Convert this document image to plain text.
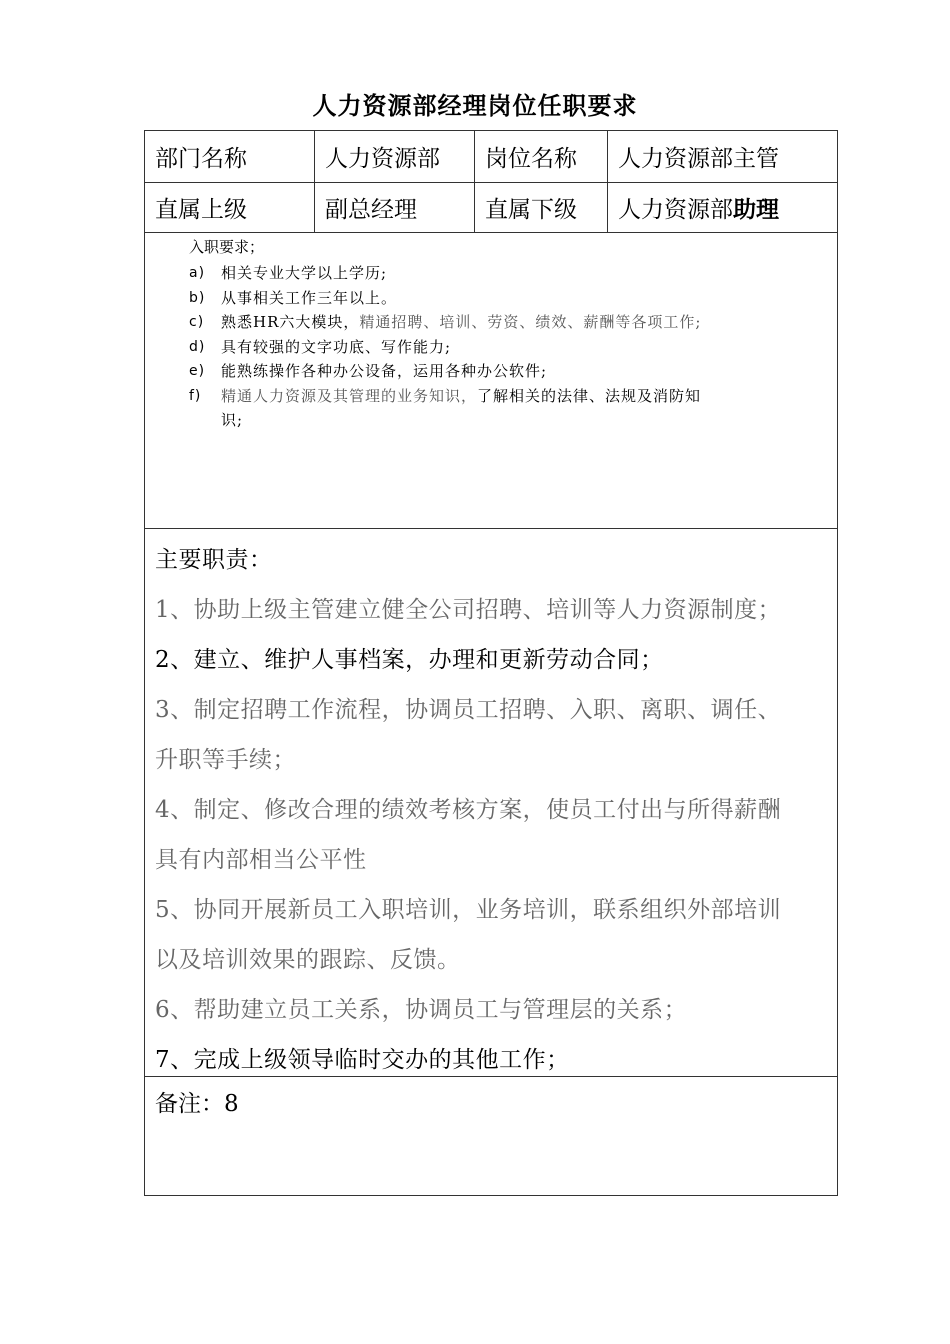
人力资源部经理岗位任职要求
部门名称	人力资源部	岗位名称	人力资源部主管
直属上级	副总经理	直属下级	人力资源部 助理
入职要求；
a) 相关专业大学以上学历;
b) 从事相关工作三年以上。
c) 熟悉HR六大模块，精通招聘、培训、劳资、绩效、薪酬等各项工作;
d) 具有较强的文字功底、写作能力;
e) 能熟练操作各种办公设备，运用各种办公软件;
f) 精通人力资源及其管理的业务知识，了解相关的法律、法规及消防知
识;
主要职责：
1、协助上级主管建立健全公司招聘、培训等人力资源制度；
2、建立、维护人事档案，办理和更新劳动合同；
3、制定招聘工作流程，协调员工招聘、入职、离职、调任、
升职等手续；
4、制定、修改合理的绩效考核方案，使员工付出与所得薪酬
具有内部相当公平性
5、协同开展新员工入职培训，业务培训，联系组织外部培训
以及培训效果的跟踪、反馈。
6、帮助建立员工关系，协调员工与管理层的关系；
7、完成上级领导临时交办的其他工作；
备注：8
